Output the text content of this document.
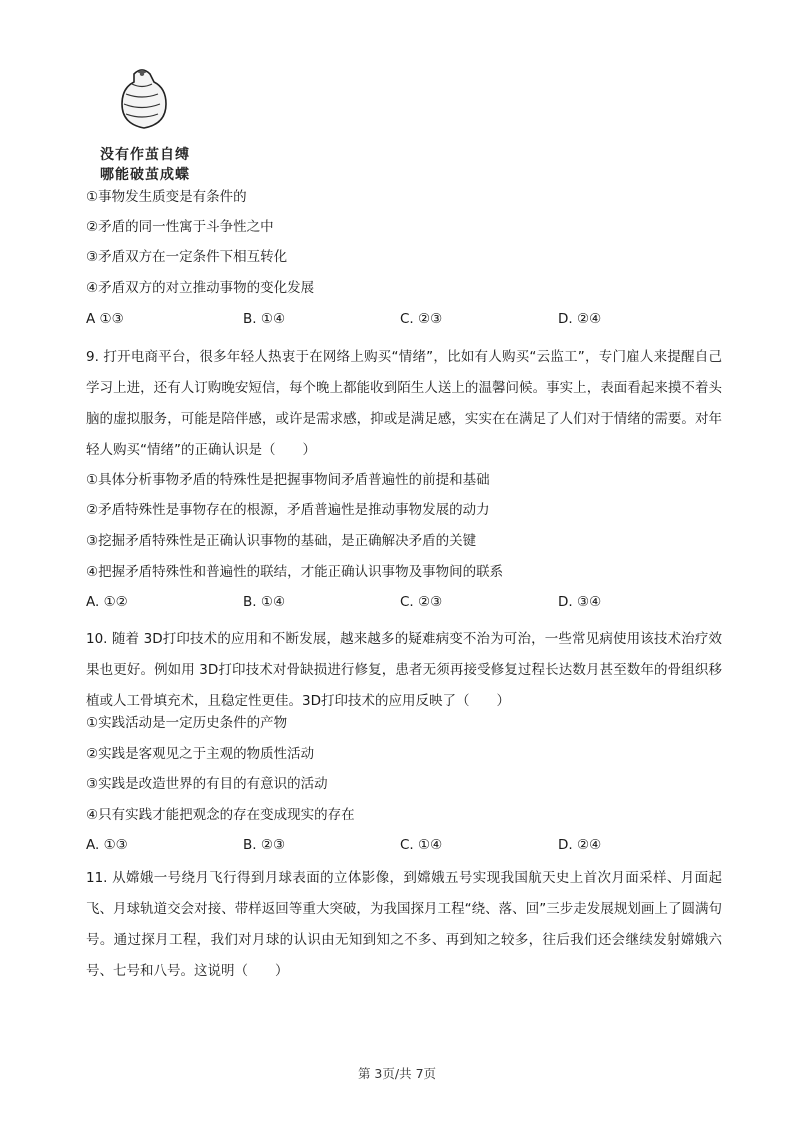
没有作茧自缚
哪能破茧成蝶
①事物发生质变是有条件的
②矛盾的同一性寓于斗争性之中
③矛盾双方在一定条件下相互转化
④矛盾双方的对立推动事物的变化发展
A ①③	B. ①④	C. ②③	D. ②④
9. 打开电商平台，很多年轻人热衷于在网络上购买“情绪”，比如有人购买“云监工”，专门雇人来提醒自己学习上进，还有人订购晚安短信，每个晚上都能收到陌生人送上的温馨问候。事实上，表面看起来摸不着头脑的虚拟服务，可能是陪伴感，或许是需求感，抑或是满足感，实实在在满足了人们对于情绪的需要。对年轻人购买“情绪”的正确认识是（　　）
①具体分析事物矛盾的特殊性是把握事物间矛盾普遍性的前提和基础
②矛盾特殊性是事物存在的根源，矛盾普遍性是推动事物发展的动力
③挖掘矛盾特殊性是正确认识事物的基础，是正确解决矛盾的关键
④把握矛盾特殊性和普遍性的联结，才能正确认识事物及事物间的联系
A. ①②	B. ①④	C. ②③	D. ③④
10. 随着 3D打印技术的应用和不断发展，越来越多的疑难病变不治为可治，一些常见病使用该技术治疗效果也更好。例如用 3D打印技术对骨缺损进行修复，患者无须再接受修复过程长达数月甚至数年的骨组织移植或人工骨填充术，且稳定性更佳。3D打印技术的应用反映了（　　）
①实践活动是一定历史条件的产物
②实践是客观见之于主观的物质性活动
③实践是改造世界的有目的有意识的活动
④只有实践才能把观念的存在变成现实的存在
A. ①③	B. ②③	C. ①④	D. ②④
11. 从嫦娥一号绕月飞行得到月球表面的立体影像，到嫦娥五号实现我国航天史上首次月面采样、月面起飞、月球轨道交会对接、带样返回等重大突破，为我国探月工程“绕、落、回”三步走发展规划画上了圆满句号。通过探月工程，我们对月球的认识由无知到知之不多、再到知之较多，往后我们还会继续发射嫦娥六号、七号和八号。这说明（　　）
第 3页/共 7页
